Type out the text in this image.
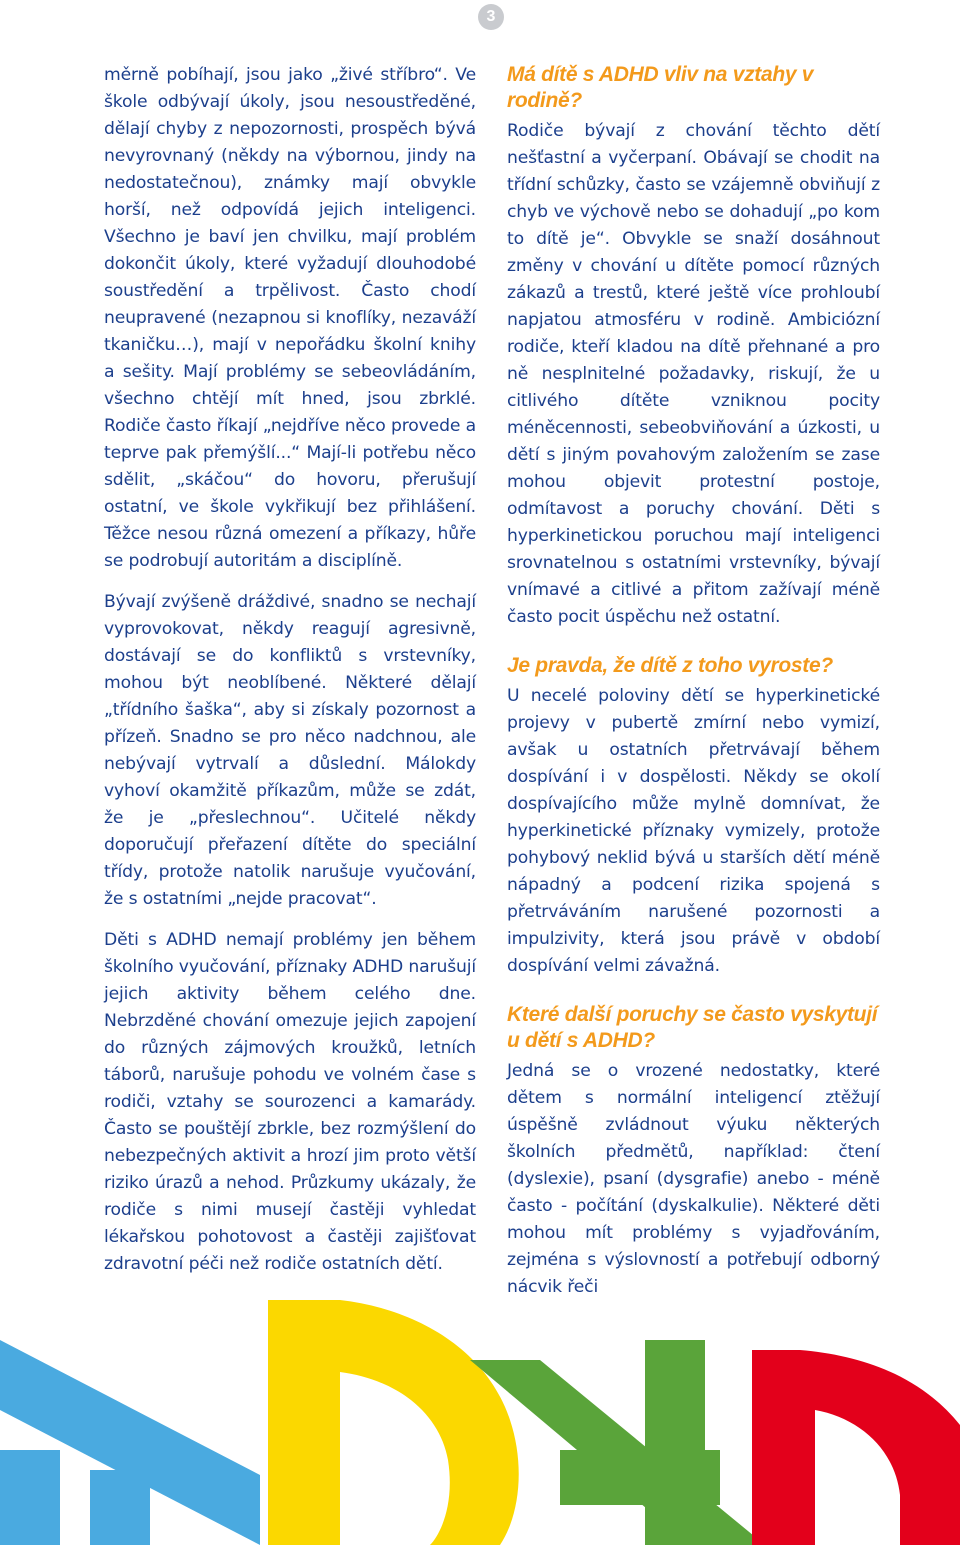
3

měrně pobíhají, jsou jako „živé stříbro“. Ve škole odbývají úkoly, jsou nesoustředěné, dělají chyby z nepozornosti, prospěch bývá nevyrovnaný (někdy na výbornou, jindy na nedostatečnou), známky mají obvykle horší, než odpovídá jejich inteligenci. Všechno je baví jen chvilku, mají problém dokončit úkoly, které vyžadují dlouhodobé soustředění a trpělivost. Často chodí neupravené (nezapnou si knoflíky, nezaváží tkaničku…), mají v nepořádku školní knihy a sešity. Mají problémy se sebeovládáním, všechno chtějí mít hned, jsou zbrklé. Rodiče často říkají „nejdříve něco provede a teprve pak přemýšlí...“ Mají-li potřebu něco sdělit, „skáčou“ do hovoru, přerušují ostatní, ve škole vykřikují bez přihlášení. Těžce nesou různá omezení a příkazy, hůře se podrobují autoritám a disciplíně.

Bývají zvýšeně dráždivé, snadno se nechají vyprovokovat, někdy reagují agresivně, dostávají se do konfliktů s vrstevníky, mohou být neoblíbené. Některé dělají „třídního šaška“, aby si získaly pozornost a přízeň. Snadno se pro něco nadchnou, ale nebývají vytrvalí a důslední. Málokdy vyhoví okamžitě příkazům, může se zdát, že je „přeslechnou“. Učitelé někdy doporučují přeřazení dítěte do speciální třídy, protože natolik narušuje vyučování, že s ostatními „nejde pracovat“.

Děti s ADHD nemají problémy jen během školního vyučování, příznaky ADHD narušují jejich aktivity během celého dne. Nebrzděné chování omezuje jejich zapojení do různých zájmových kroužků, letních táborů, narušuje pohodu ve volném čase s rodiči, vztahy se sourozenci a kamarády. Často se pouštějí zbrkle, bez rozmýšlení do nebezpečných aktivit a hrozí jim proto větší riziko úrazů a nehod. Průzkumy ukázaly, že rodiče s nimi musejí častěji vyhledat lékařskou pohotovost a častěji zajišťovat zdravotní péči než rodiče ostatních dětí.

Má dítě s ADHD vliv na vztahy v rodině?

Rodiče bývají z chování těchto dětí nešťastní a vyčerpaní. Obávají se chodit na třídní schůzky, často se vzájemně obviňují z chyb ve výchově nebo se dohadují „po kom to dítě je“. Obvykle se snaží dosáhnout změny v chování u dítěte pomocí různých zákazů a trestů, které ještě více prohloubí napjatou atmosféru v rodině. Ambiciózní rodiče, kteří kladou na dítě přehnané a pro ně nesplnitelné požadavky, riskují, že u citlivého dítěte vzniknou pocity méněcennosti, sebeobviňování a úzkosti, u dětí s jiným povahovým založením se zase mohou objevit protestní postoje, odmítavost a poruchy chování. Děti s hyperkinetickou poruchou mají inteligenci srovnatelnou s ostatními vrstevníky, bývají vnímavé a citlivé a přitom zažívají méně často pocit úspěchu než ostatní.

Je pravda, že dítě z toho vyroste?

U necelé poloviny dětí se hyperkinetické projevy v pubertě zmírní nebo vymizí, avšak u ostatních přetrvávají během dospívání i v dospělosti. Někdy se okolí dospívajícího může mylně domnívat, že hyperkinetické příznaky vymizely, protože pohybový neklid bývá u starších dětí méně nápadný a podcení rizika spojená s přetrváváním narušené pozornosti a impulzivity, která jsou právě v období dospívání velmi závažná.

Které další poruchy se často vyskytují u dětí s ADHD?

Jedná se o vrozené nedostatky, které dětem s normální inteligencí ztěžují úspěšně zvládnout výuku některých školních předmětů, například: čtení (dyslexie), psaní (dysgrafie) anebo - méně často - počítání (dyskalkulie). Některé děti mohou mít problémy s vyjadřováním, zejména s výslovností a potřebují odborný nácvik řeči
